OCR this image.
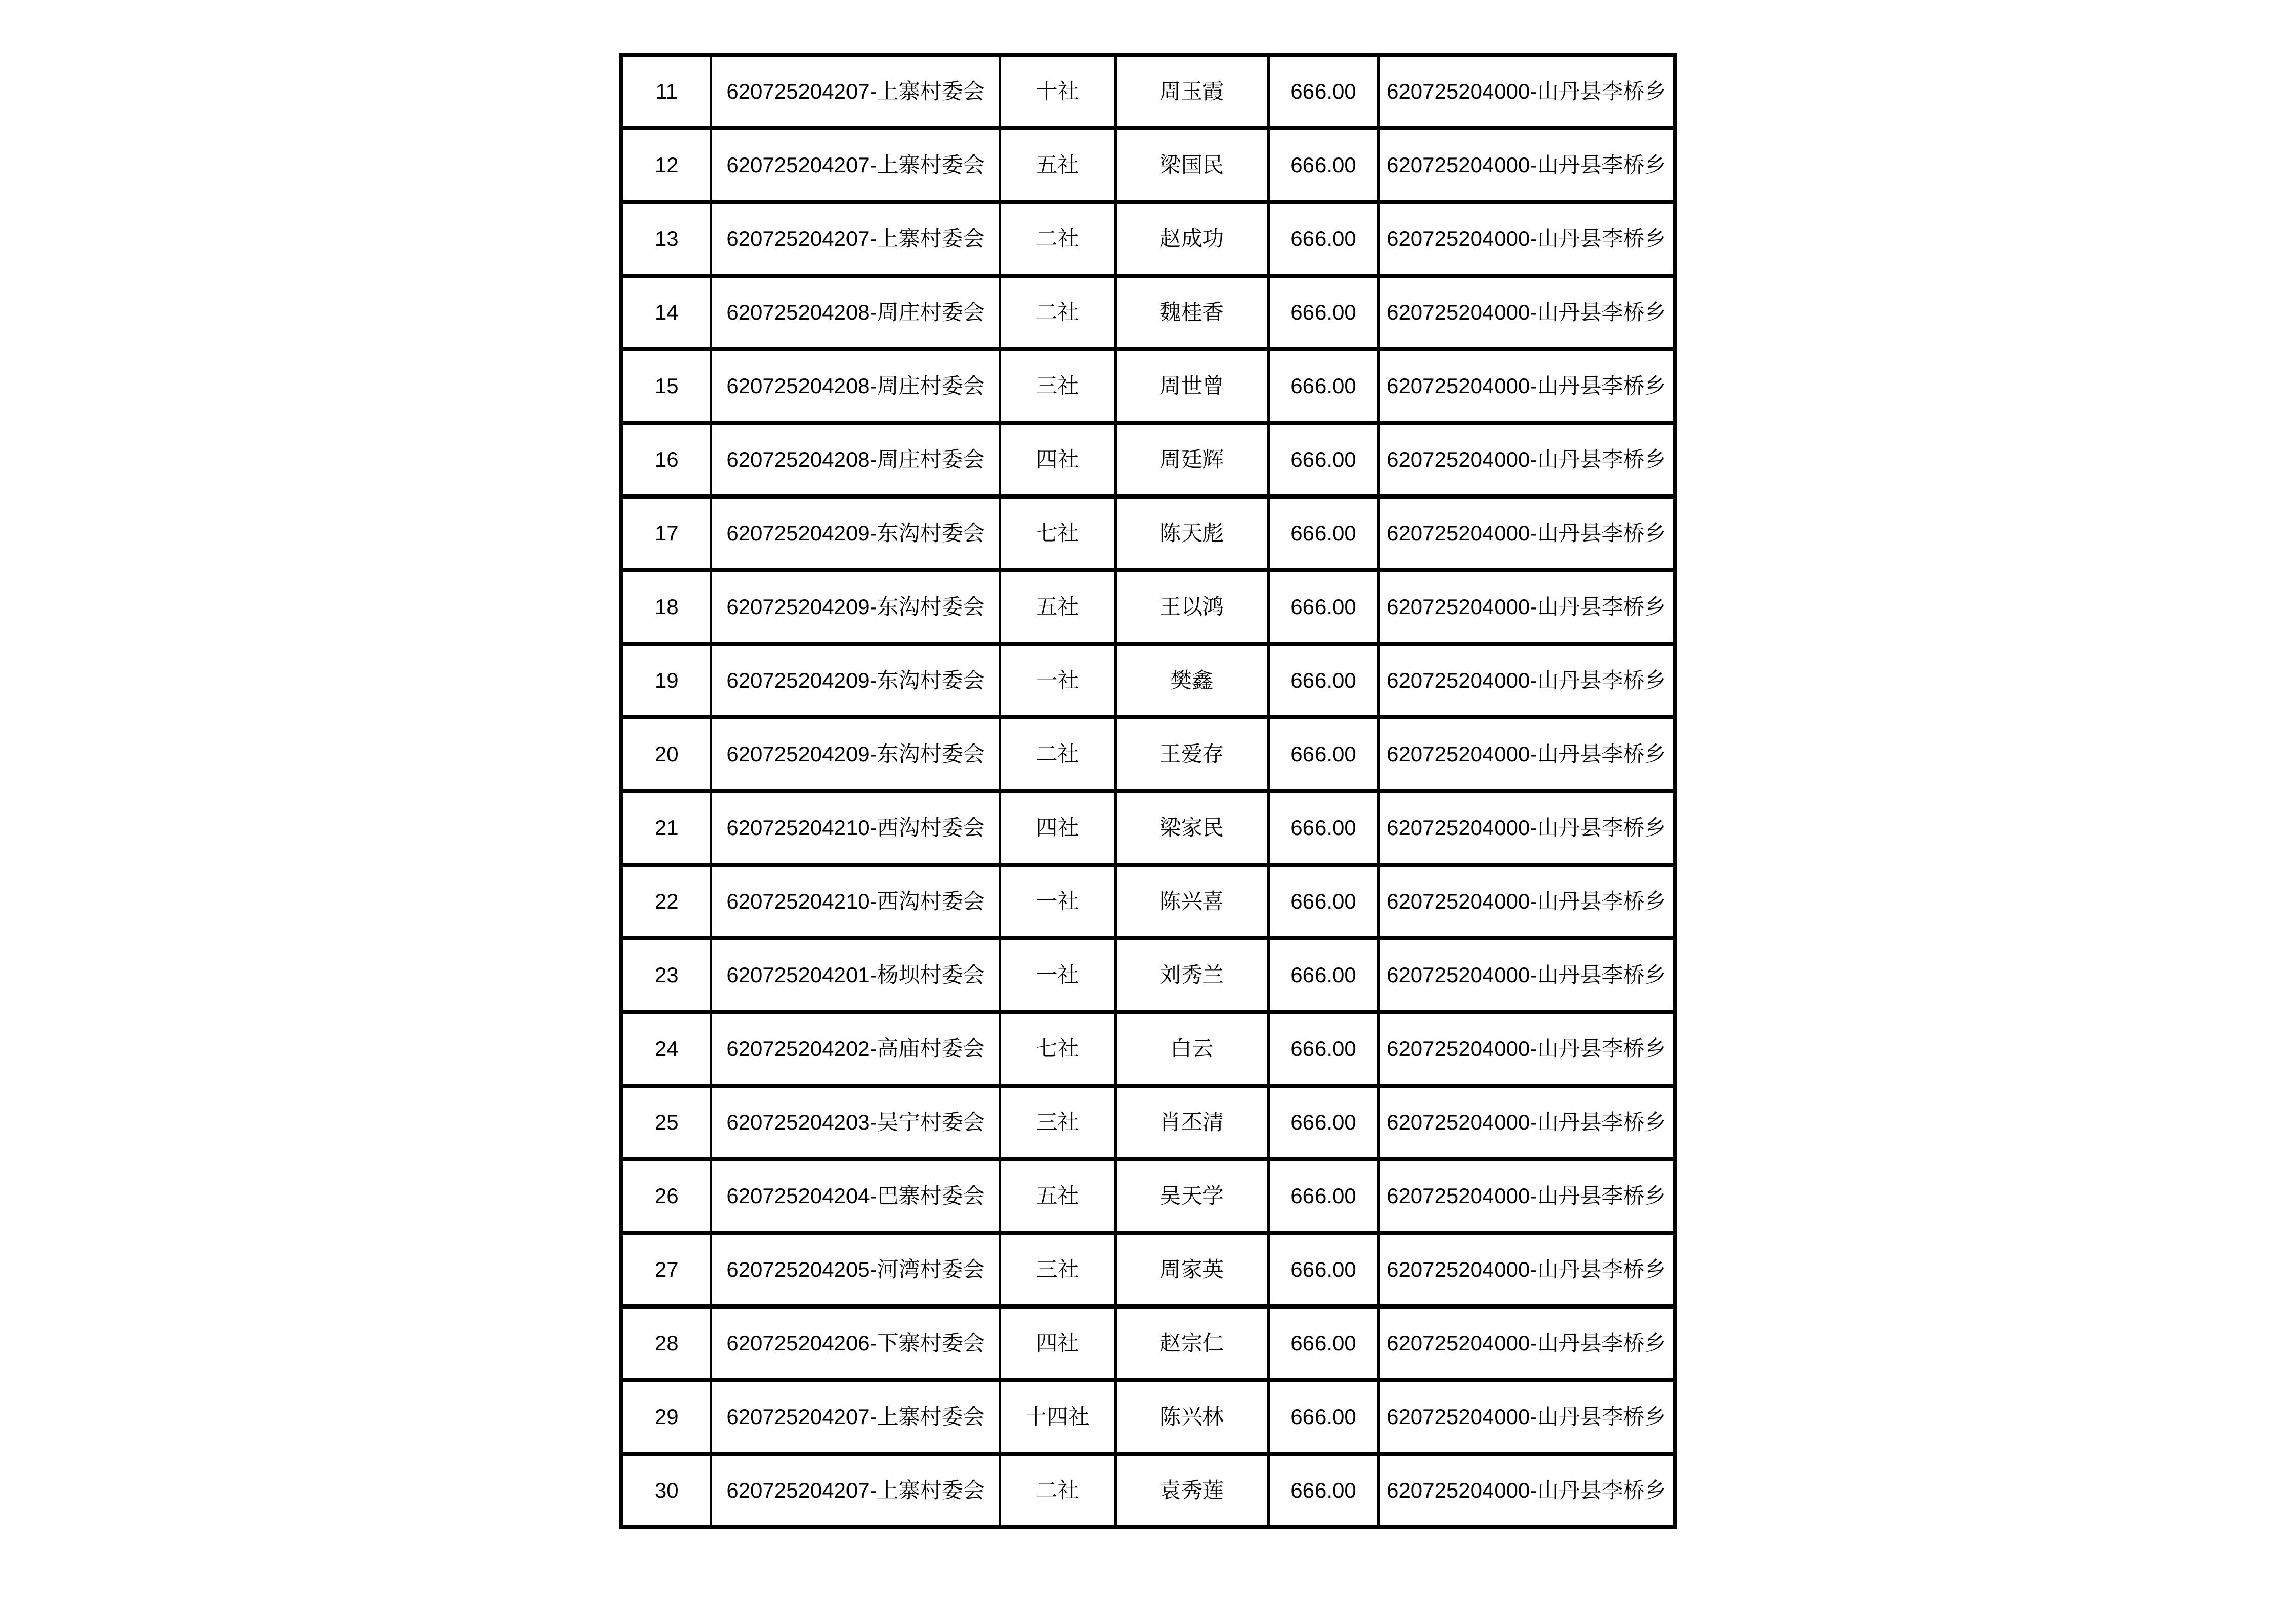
11	620725204207-上寨村委会	十社	周玉霞	666.00	620725204000-山丹县李桥乡
12	620725204207-上寨村委会	五社	梁国民	666.00	620725204000-山丹县李桥乡
13	620725204207-上寨村委会	二社	赵成功	666.00	620725204000-山丹县李桥乡
14	620725204208-周庄村委会	二社	魏桂香	666.00	620725204000-山丹县李桥乡
15	620725204208-周庄村委会	三社	周世曾	666.00	620725204000-山丹县李桥乡
16	620725204208-周庄村委会	四社	周廷辉	666.00	620725204000-山丹县李桥乡
17	620725204209-东沟村委会	七社	陈天彪	666.00	620725204000-山丹县李桥乡
18	620725204209-东沟村委会	五社	王以鸿	666.00	620725204000-山丹县李桥乡
19	620725204209-东沟村委会	一社	樊鑫	666.00	620725204000-山丹县李桥乡
20	620725204209-东沟村委会	二社	王爱存	666.00	620725204000-山丹县李桥乡
21	620725204210-西沟村委会	四社	梁家民	666.00	620725204000-山丹县李桥乡
22	620725204210-西沟村委会	一社	陈兴喜	666.00	620725204000-山丹县李桥乡
23	620725204201-杨坝村委会	一社	刘秀兰	666.00	620725204000-山丹县李桥乡
24	620725204202-高庙村委会	七社	白云	666.00	620725204000-山丹县李桥乡
25	620725204203-吴宁村委会	三社	肖丕清	666.00	620725204000-山丹县李桥乡
26	620725204204-巴寨村委会	五社	吴天学	666.00	620725204000-山丹县李桥乡
27	620725204205-河湾村委会	三社	周家英	666.00	620725204000-山丹县李桥乡
28	620725204206-下寨村委会	四社	赵宗仁	666.00	620725204000-山丹县李桥乡
29	620725204207-上寨村委会	十四社	陈兴林	666.00	620725204000-山丹县李桥乡
30	620725204207-上寨村委会	二社	袁秀莲	666.00	620725204000-山丹县李桥乡
